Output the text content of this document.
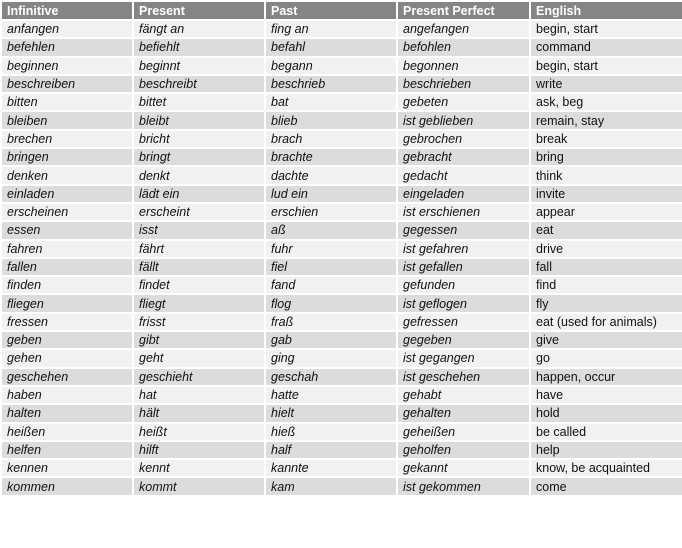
Infinitive	Present	Past	Present Perfect	English
anfangen	fängt an	fing an	angefangen	begin, start
befehlen	befiehlt	befahl	befohlen	command
beginnen	beginnt	begann	begonnen	begin, start
beschreiben	beschreibt	beschrieb	beschrieben	write
bitten	bittet	bat	gebeten	ask, beg
bleiben	bleibt	blieb	ist geblieben	remain, stay
brechen	bricht	brach	gebrochen	break
bringen	bringt	brachte	gebracht	bring
denken	denkt	dachte	gedacht	think
einladen	lädt ein	lud ein	eingeladen	invite
erscheinen	erscheint	erschien	ist erschienen	appear
essen	isst	aß	gegessen	eat
fahren	fährt	fuhr	ist gefahren	drive
fallen	fällt	fiel	ist gefallen	fall
finden	findet	fand	gefunden	find
fliegen	fliegt	flog	ist geflogen	fly
fressen	frisst	fraß	gefressen	eat (used for animals)
geben	gibt	gab	gegeben	give
gehen	geht	ging	ist gegangen	go
geschehen	geschieht	geschah	ist geschehen	happen, occur
haben	hat	hatte	gehabt	have
halten	hält	hielt	gehalten	hold
heißen	heißt	hieß	geheißen	be called
helfen	hilft	half	geholfen	help
kennen	kennt	kannte	gekannt	know, be acquainted
kommen	kommt	kam	ist gekommen	come
